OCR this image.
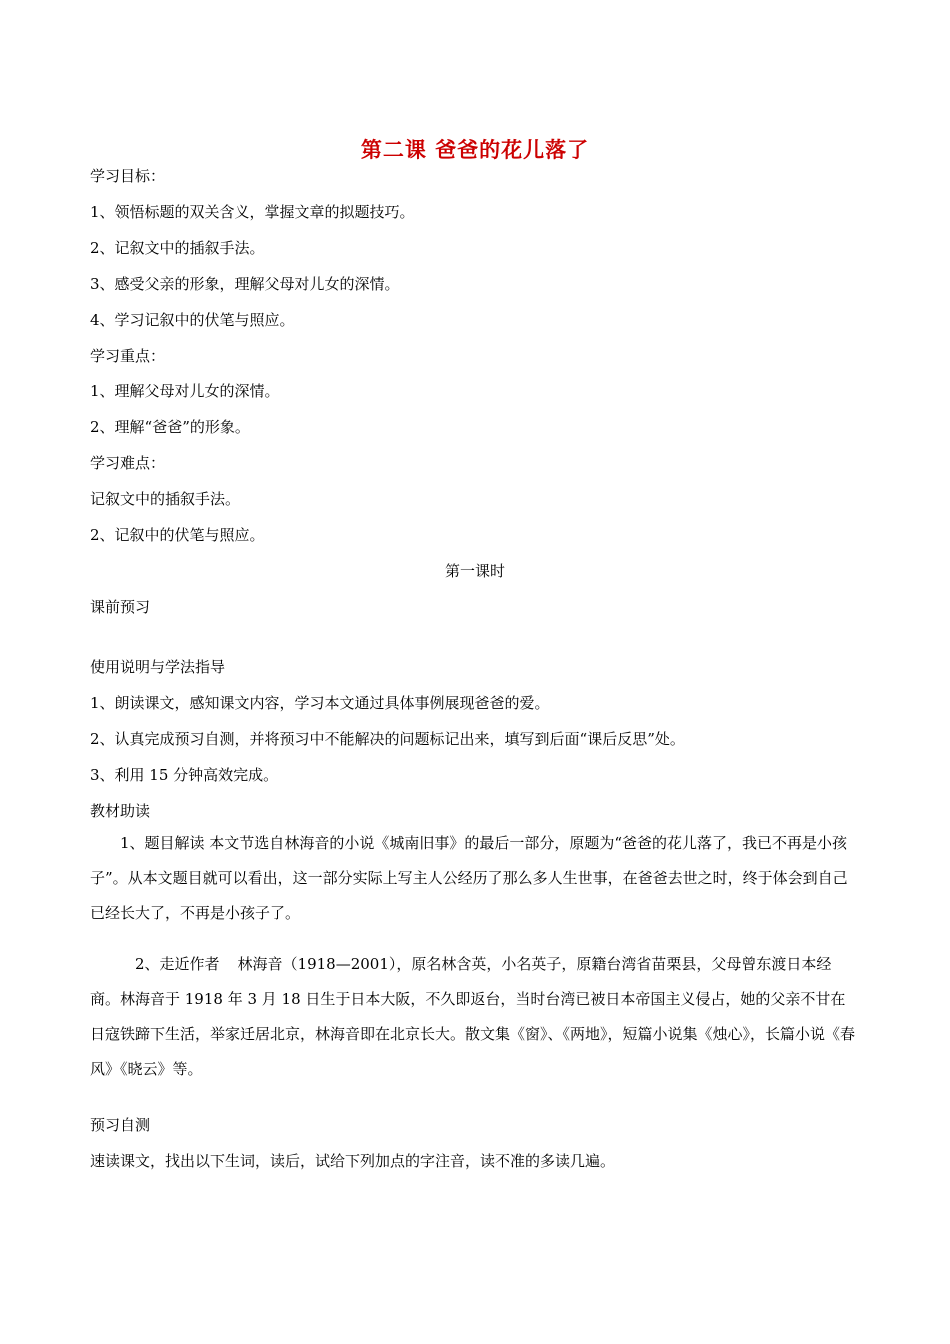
第二课 爸爸的花儿落了
学习目标：
1、领悟标题的双关含义，掌握文章的拟题技巧。
2、记叙文中的插叙手法。
3、感受父亲的形象，理解父母对儿女的深情。
4、学习记叙中的伏笔与照应。
学习重点：
1、理解父母对儿女的深情。
2、理解“爸爸”的形象。
学习难点：
记叙文中的插叙手法。
2、记叙中的伏笔与照应。
第一课时
课前预习
使用说明与学法指导
1、朗读课文，感知课文内容，学习本文通过具体事例展现爸爸的爱。
2、认真完成预习自测，并将预习中不能解决的问题标记出来，填写到后面“课后反思”处。
3、利用 15 分钟高效完成。
教材助读
1、题目解读 本文节选自林海音的小说《城南旧事》的最后一部分，原题为“爸爸的花儿落了，我已不再是小孩子”。从本文题目就可以看出，这一部分实际上写主人公经历了那么多人生世事，在爸爸去世之时，终于体会到自己已经长大了，不再是小孩子了。
2、走近作者 林海音（1918—2001），原名林含英，小名英子，原籍台湾省苗栗县，父母曾东渡日本经商。林海音于 1918 年 3 月 18 日生于日本大阪，不久即返台，当时台湾已被日本帝国主义侵占，她的父亲不甘在日寇铁蹄下生活，举家迁居北京，林海音即在北京长大。散文集《窗》、《两地》，短篇小说集《烛心》，长篇小说《春风》《晓云》等。
预习自测
速读课文，找出以下生词，读后，试给下列加点的字注音，读不准的多读几遍。
